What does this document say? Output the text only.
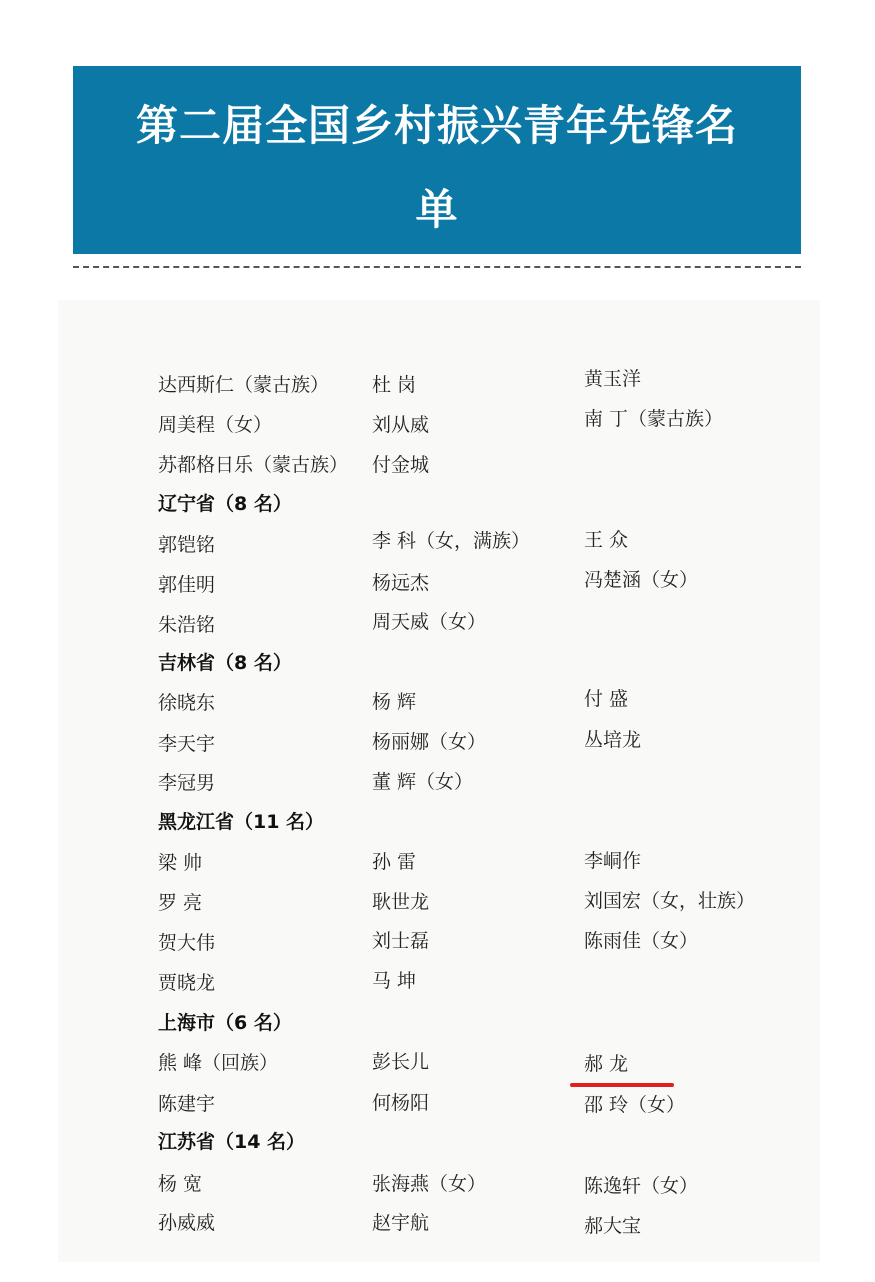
第二届全国乡村振兴青年先锋名
单
达西斯仁（蒙古族） 杜 岗	黄玉洋
周美程（女）	刘从威	南 丁（蒙古族）
苏都格日乐（蒙古族） 付金城
辽宁省（8 名）
郭铠铭	李 科（女，满族）	王 众
郭佳明	杨远杰	冯楚涵（女）
朱浩铭	周天威（女）
吉林省（8 名）
徐晓东	杨 辉	付 盛
李天宇	杨丽娜（女）	丛培龙
李冠男	董 辉（女）
黑龙江省（11 名）
梁 帅	孙 雷	李峒作
罗 亮	耿世龙	刘国宏（女，壮族）
贺大伟	刘士磊	陈雨佳（女）
贾晓龙	马 坤
上海市（6 名）
熊 峰（回族）	彭长儿	郝 龙
陈建宇	何杨阳	邵 玲（女）
江苏省（14 名）
杨 宽	张海燕（女）	陈逸轩（女）
孙威威	赵宇航	郝大宝
